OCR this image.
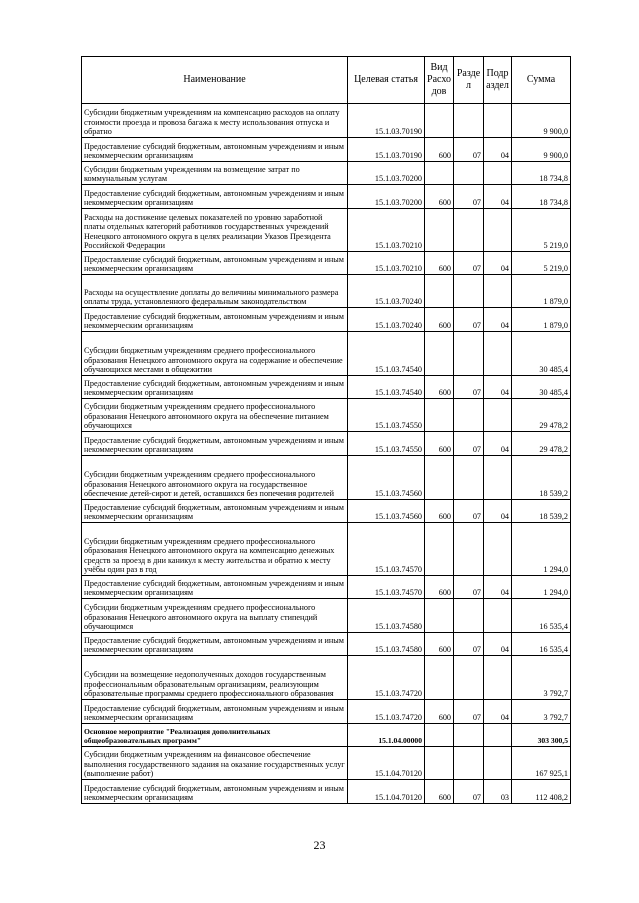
Наименование	Целевая статья	Вид Расхо дов	Разде л	Подр аздел	Сумма
Субсидии бюджетным учреждениям на компенсацию расходов на оплату стоимости проезда и провоза багажа к месту использования отпуска и обратно	15.1.03.70190				9 900,0
Предоставление субсидий бюджетным, автономным учреждениям и иным некоммерческим организациям	15.1.03.70190	600	07	04	9 900,0
Субсидии бюджетным учреждениям на возмещение затрат по коммунальным услугам	15.1.03.70200				18 734,8
Предоставление субсидий бюджетным, автономным учреждениям и иным некоммерческим организациям	15.1.03.70200	600	07	04	18 734,8
Расходы на достижение целевых показателей по уровню заработной платы отдельных категорий работников государственных учреждений Ненецкого автономного округа в целях реализации Указов Президента Российской Федерации	15.1.03.70210				5 219,0
Предоставление субсидий бюджетным, автономным учреждениям и иным некоммерческим организациям	15.1.03.70210	600	07	04	5 219,0
Расходы на осуществление доплаты до величины минимального размера оплаты труда, установленного федеральным законодательством	15.1.03.70240				1 879,0
Предоставление субсидий бюджетным, автономным учреждениям и иным некоммерческим организациям	15.1.03.70240	600	07	04	1 879,0
Субсидии бюджетным учреждениям среднего профессионального образования Ненецкого автономного округа на содержание и обеспечение обучающихся местами в общежитии	15.1.03.74540				30 485,4
Предоставление субсидий бюджетным, автономным учреждениям и иным некоммерческим организациям	15.1.03.74540	600	07	04	30 485,4
Субсидии бюджетным учреждениям среднего профессионального образования Ненецкого автономного округа на обеспечение питанием обучающихся	15.1.03.74550				29 478,2
Предоставление субсидий бюджетным, автономным учреждениям и иным некоммерческим организациям	15.1.03.74550	600	07	04	29 478,2
Субсидии бюджетным учреждениям среднего профессионального образования Ненецкого автономного округа на государственное обеспечение детей-сирот и детей, оставшихся без попечения родителей	15.1.03.74560				18 539,2
Предоставление субсидий бюджетным, автономным учреждениям и иным некоммерческим организациям	15.1.03.74560	600	07	04	18 539,2
Субсидии бюджетным учреждениям среднего профессионального образования Ненецкого автономного округа на компенсацию денежных средств за проезд в дни каникул к месту жительства и обратно к месту учёбы один раз в год	15.1.03.74570				1 294,0
Предоставление субсидий бюджетным, автономным учреждениям и иным некоммерческим организациям	15.1.03.74570	600	07	04	1 294,0
Субсидии бюджетным учреждениям среднего профессионального образования Ненецкого автономного округа на выплату стипендий обучающимся	15.1.03.74580				16 535,4
Предоставление субсидий бюджетным, автономным учреждениям и иным некоммерческим организациям	15.1.03.74580	600	07	04	16 535,4
Субсидии на возмещение недополученных доходов государственным профессиональным образовательным организациям, реализующим образовательные программы среднего профессионального образования	15.1.03.74720				3 792,7
Предоставление субсидий бюджетным, автономным учреждениям и иным некоммерческим организациям	15.1.03.74720	600	07	04	3 792,7
Основное мероприятие "Реализация дополнительных общеобразовательных программ"	15.1.04.00000				303 300,5
Субсидии бюджетным учреждениям на финансовое обеспечение выполнения государственного задания на оказание государственных услуг (выполнение работ)	15.1.04.70120				167 925,1
Предоставление субсидий бюджетным, автономным учреждениям и иным некоммерческим организациям	15.1.04.70120	600	07	03	112 408,2
23
